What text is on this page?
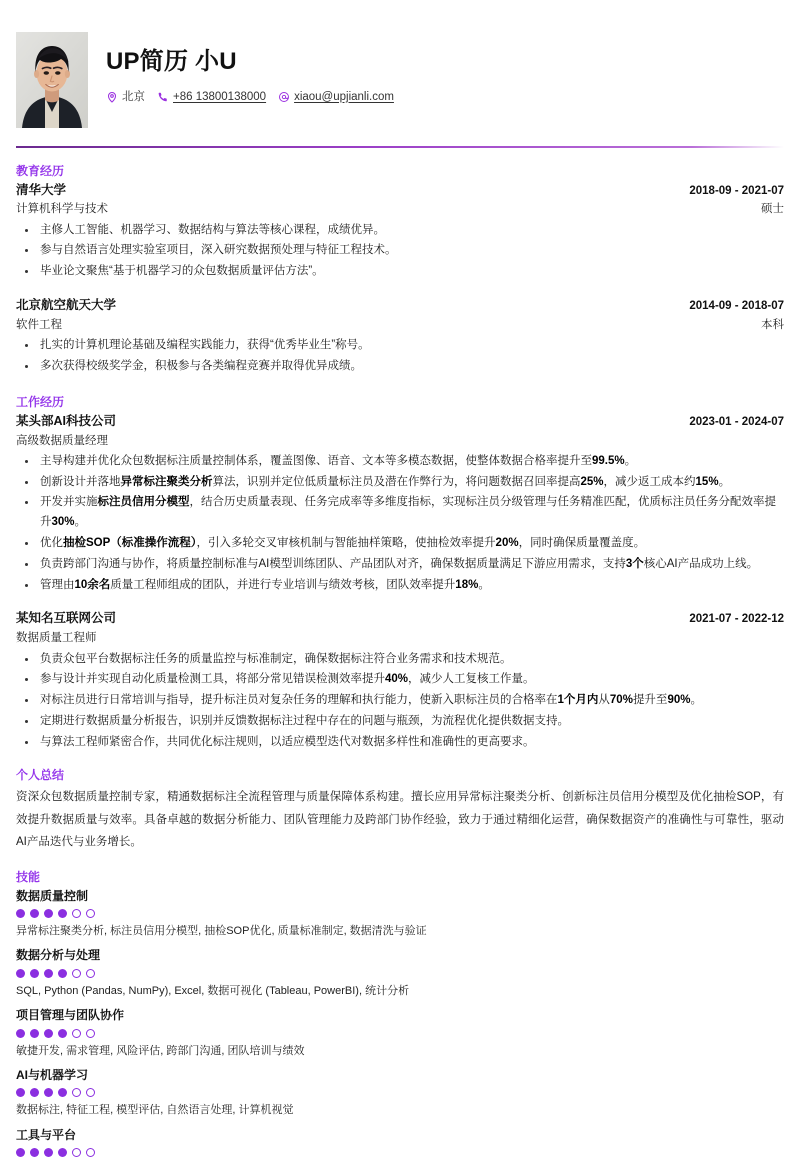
UP简历 小U
北京 +86 13800138000 xiaou@upjianli.com
教育经历
清华大学	2018-09 - 2021-07
计算机科学与技术	硕士
主修人工智能、机器学习、数据结构与算法等核心课程，成绩优异。
参与自然语言处理实验室项目，深入研究数据预处理与特征工程技术。
毕业论文聚焦“基于机器学习的众包数据质量评估方法”。
北京航空航天大学	2014-09 - 2018-07
软件工程	本科
扎实的计算机理论基础及编程实践能力，获得“优秀毕业生”称号。
多次获得校级奖学金，积极参与各类编程竞赛并取得优异成绩。
工作经历
某头部AI科技公司	2023-01 - 2024-07
高级数据质量经理
主导构建并优化众包数据标注质量控制体系，覆盖图像、语音、文本等多模态数据，使整体数据合格率提升至99.5%。
创新设计并落地异常标注聚类分析算法，识别并定位低质量标注员及潜在作弊行为，将问题数据召回率提高25%，减少返工成本约15%。
开发并实施标注员信用分模型，结合历史质量表现、任务完成率等多维度指标，实现标注员分级管理与任务精准匹配，优质标注员任务分配效率提升30%。
优化抽检SOP（标准操作流程），引入多轮交叉审核机制与智能抽样策略，使抽检效率提升20%，同时确保质量覆盖度。
负责跨部门沟通与协作，将质量控制标准与AI模型训练团队、产品团队对齐，确保数据质量满足下游应用需求，支持3个核心AI产品成功上线。
管理由10余名质量工程师组成的团队，并进行专业培训与绩效考核，团队效率提升18%。
某知名互联网公司	2021-07 - 2022-12
数据质量工程师
负责众包平台数据标注任务的质量监控与标准制定，确保数据标注符合业务需求和技术规范。
参与设计并实现自动化质量检测工具，将部分常见错误检测效率提升40%，减少人工复核工作量。
对标注员进行日常培训与指导，提升标注员对复杂任务的理解和执行能力，使新入职标注员的合格率在1个月内从70%提升至90%。
定期进行数据质量分析报告，识别并反馈数据标注过程中存在的问题与瓶颈，为流程优化提供数据支持。
与算法工程师紧密合作，共同优化标注规则，以适应模型迭代对数据多样性和准确性的更高要求。
个人总结

资深众包数据质量控制专家，精通数据标注全流程管理与质量保障体系构建。擅长应用异常标注聚类分析、创新标注员信用分模型及优化抽检SOP，有效提升数据质量与效率。具备卓越的数据分析能力、团队管理能力及跨部门协作经验，致力于通过精细化运营，确保数据资产的准确性与可靠性，驱动AI产品迭代与业务增长。

技能
数据质量控制
异常标注聚类分析, 标注员信用分模型, 抽检SOP优化, 质量标准制定, 数据清洗与验证
数据分析与处理
SQL, Python (Pandas, NumPy), Excel, 数据可视化 (Tableau, PowerBI), 统计分析
项目管理与团队协作
敏捷开发, 需求管理, 风险评估, 跨部门沟通, 团队培训与绩效
AI与机器学习
数据标注, 特征工程, 模型评估, 自然语言处理, 计算机视觉
工具与平台
